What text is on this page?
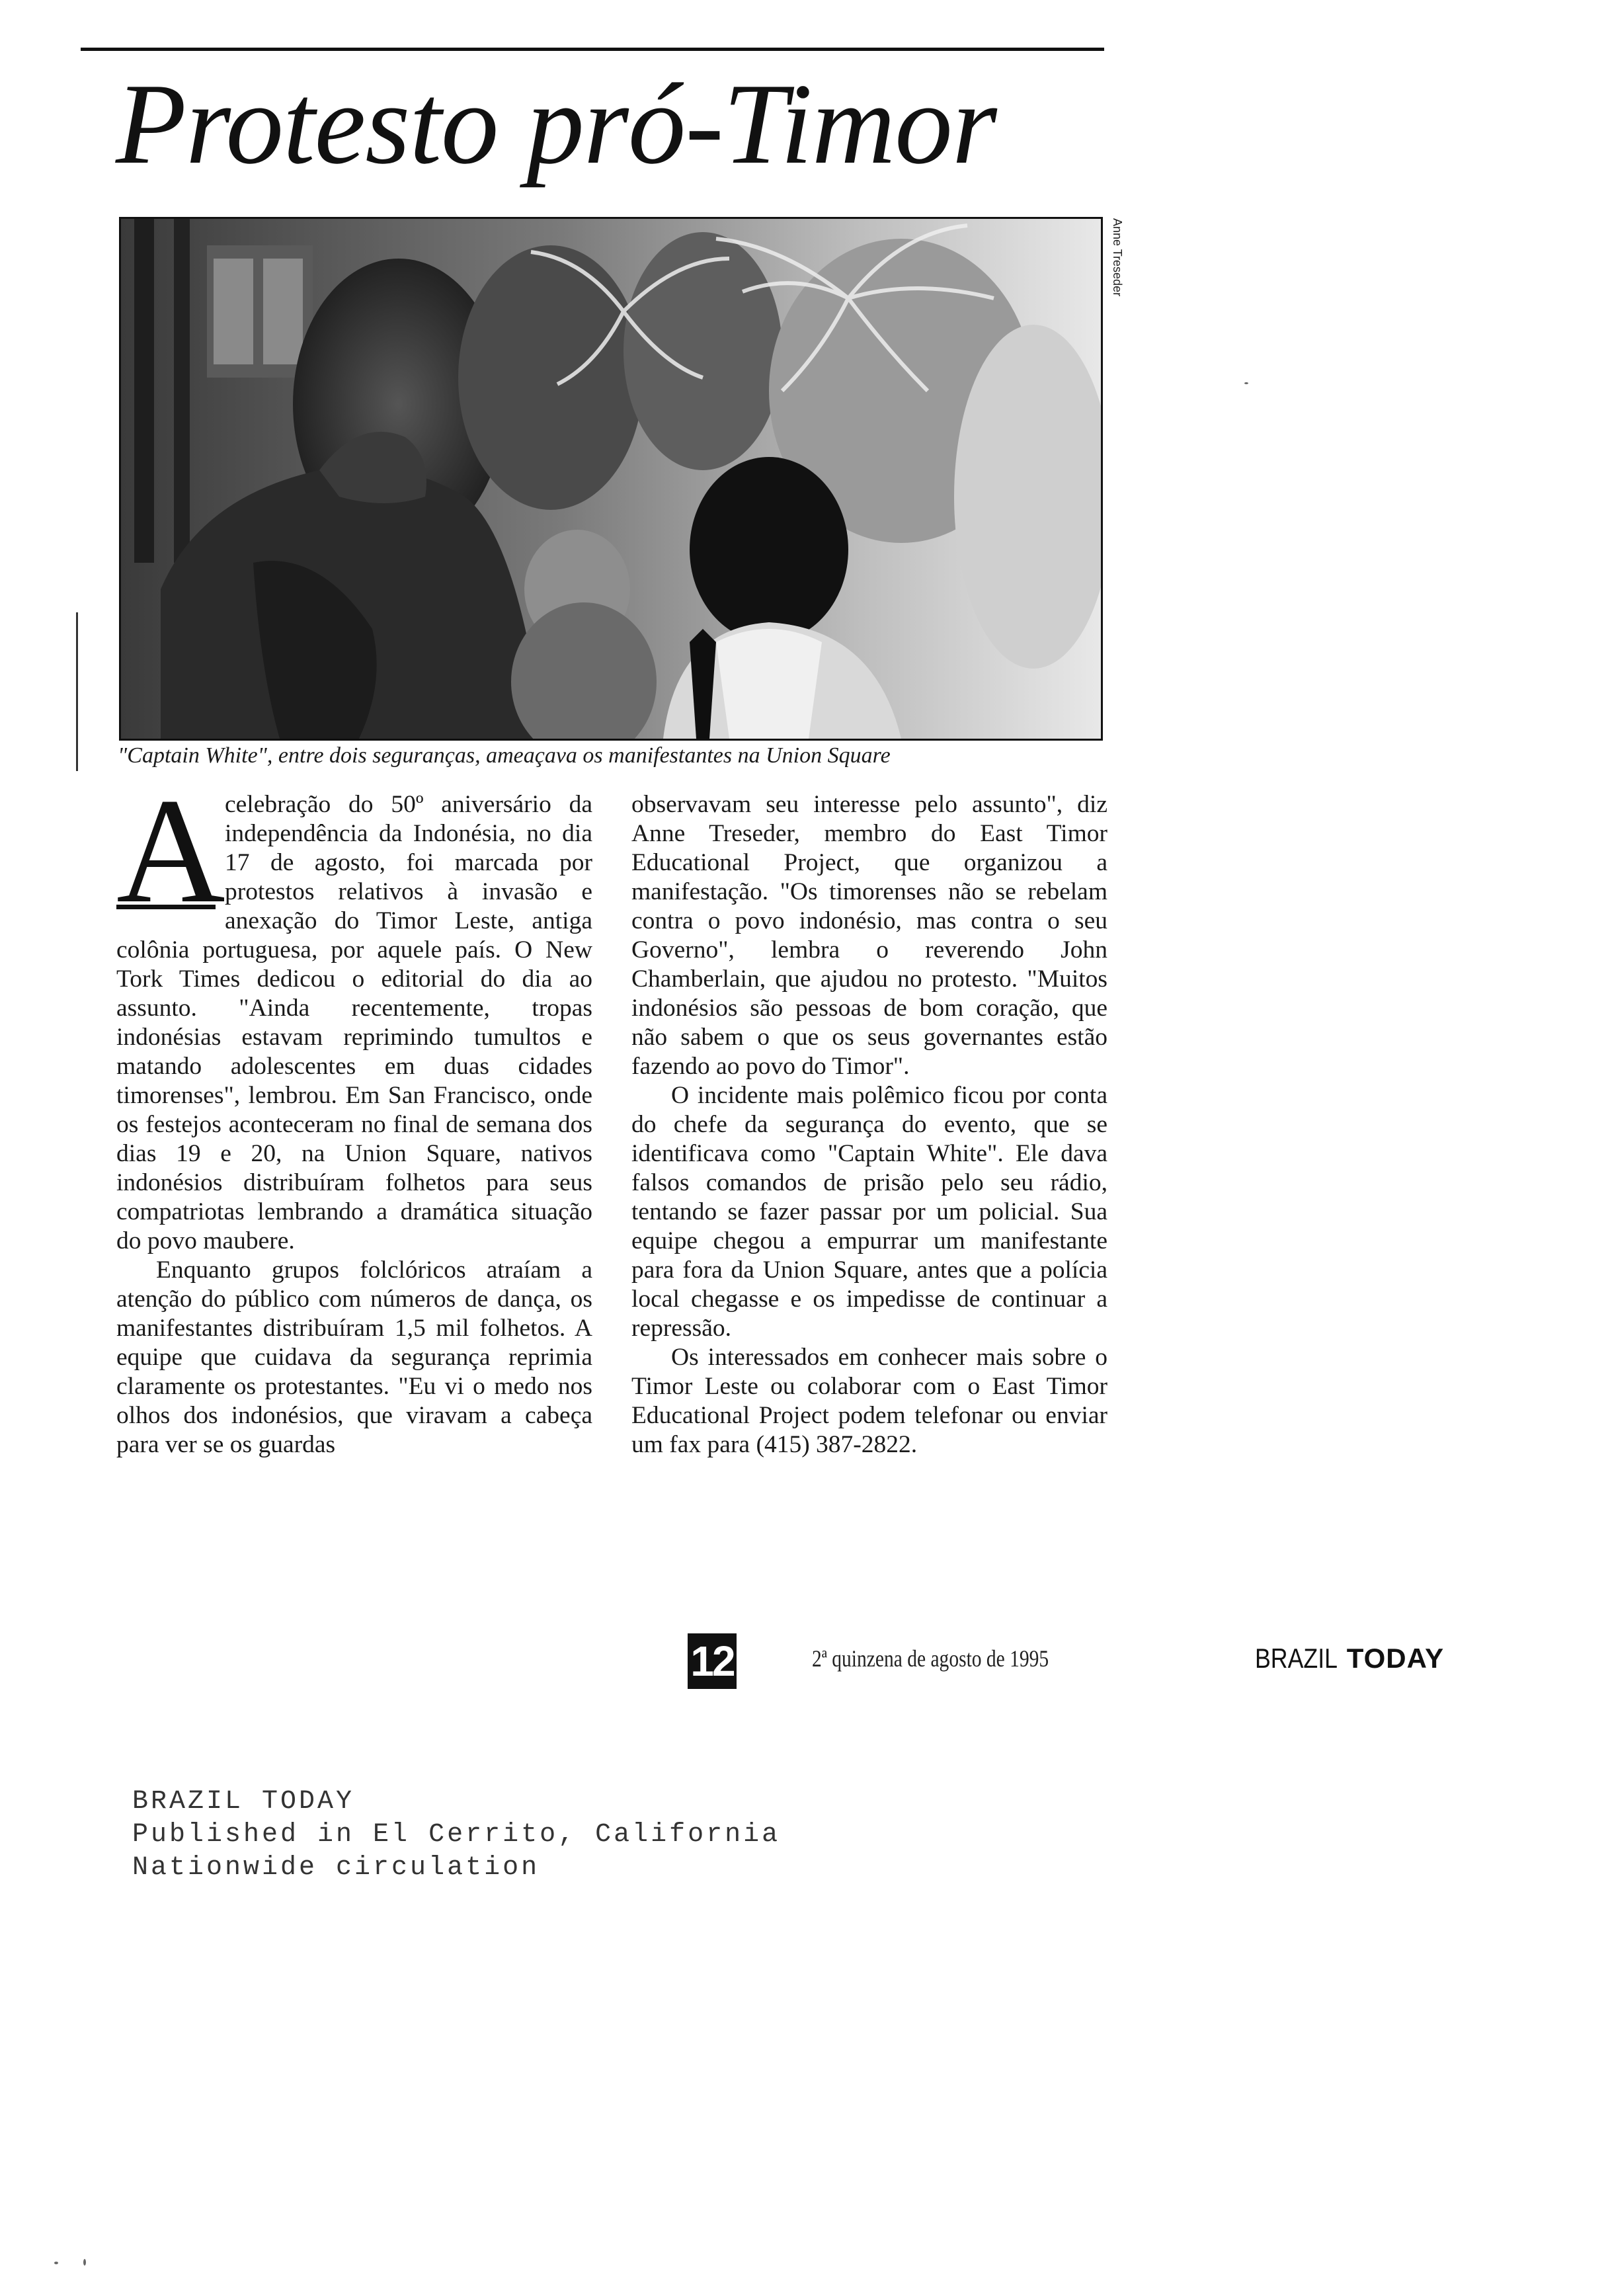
Protesto pró-Timor
Anne Treseder
"Captain White", entre dois seguranças, ameaçava os manifestantes na Union Square
A celebração do 50º aniversário da independência da Indonésia, no dia 17 de agosto, foi marcada por protestos relativos à invasão e anexação do Timor Leste, antiga colônia portuguesa, por aquele país. O New Tork Times dedicou o editorial do dia ao assunto. "Ainda recentemente, tropas indonésias estavam reprimindo tumultos e matando adolescentes em duas cidades timorenses", lembrou. Em San Francisco, onde os festejos aconteceram no final de semana dos dias 19 e 20, na Union Square, nativos indonésios distribuíram folhetos para seus compatriotas lembrando a dramática situação do povo maubere.

Enquanto grupos folclóricos atraíam a atenção do público com números de dança, os manifestantes distribuíram 1,5 mil folhetos. A equipe que cuidava da segurança reprimia claramente os protestantes. "Eu vi o medo nos olhos dos indonésios, que viravam a cabeça para ver se os guardas

observavam seu interesse pelo assunto", diz Anne Treseder, membro do East Timor Educational Project, que organizou a manifestação. "Os timorenses não se rebelam contra o povo indonésio, mas contra o seu Governo", lembra o reverendo John Chamberlain, que ajudou no protesto. "Muitos indonésios são pessoas de bom coração, que não sabem o que os seus governantes estão fazendo ao povo do Timor".

O incidente mais polêmico ficou por conta do chefe da segurança do evento, que se identificava como "Captain White". Ele dava falsos comandos de prisão pelo seu rádio, tentando se fazer passar por um policial. Sua equipe chegou a empurrar um manifestante para fora da Union Square, antes que a polícia local chegasse e os impedisse de continuar a repressão.

Os interessados em conhecer mais sobre o Timor Leste ou colaborar com o East Timor Educational Project podem telefonar ou enviar um fax para (415) 387-2822.

12	2ª quinzena de agosto de 1995	BRAZIL TODAY
BRAZIL TODAY
Published in El Cerrito, California
Nationwide circulation
